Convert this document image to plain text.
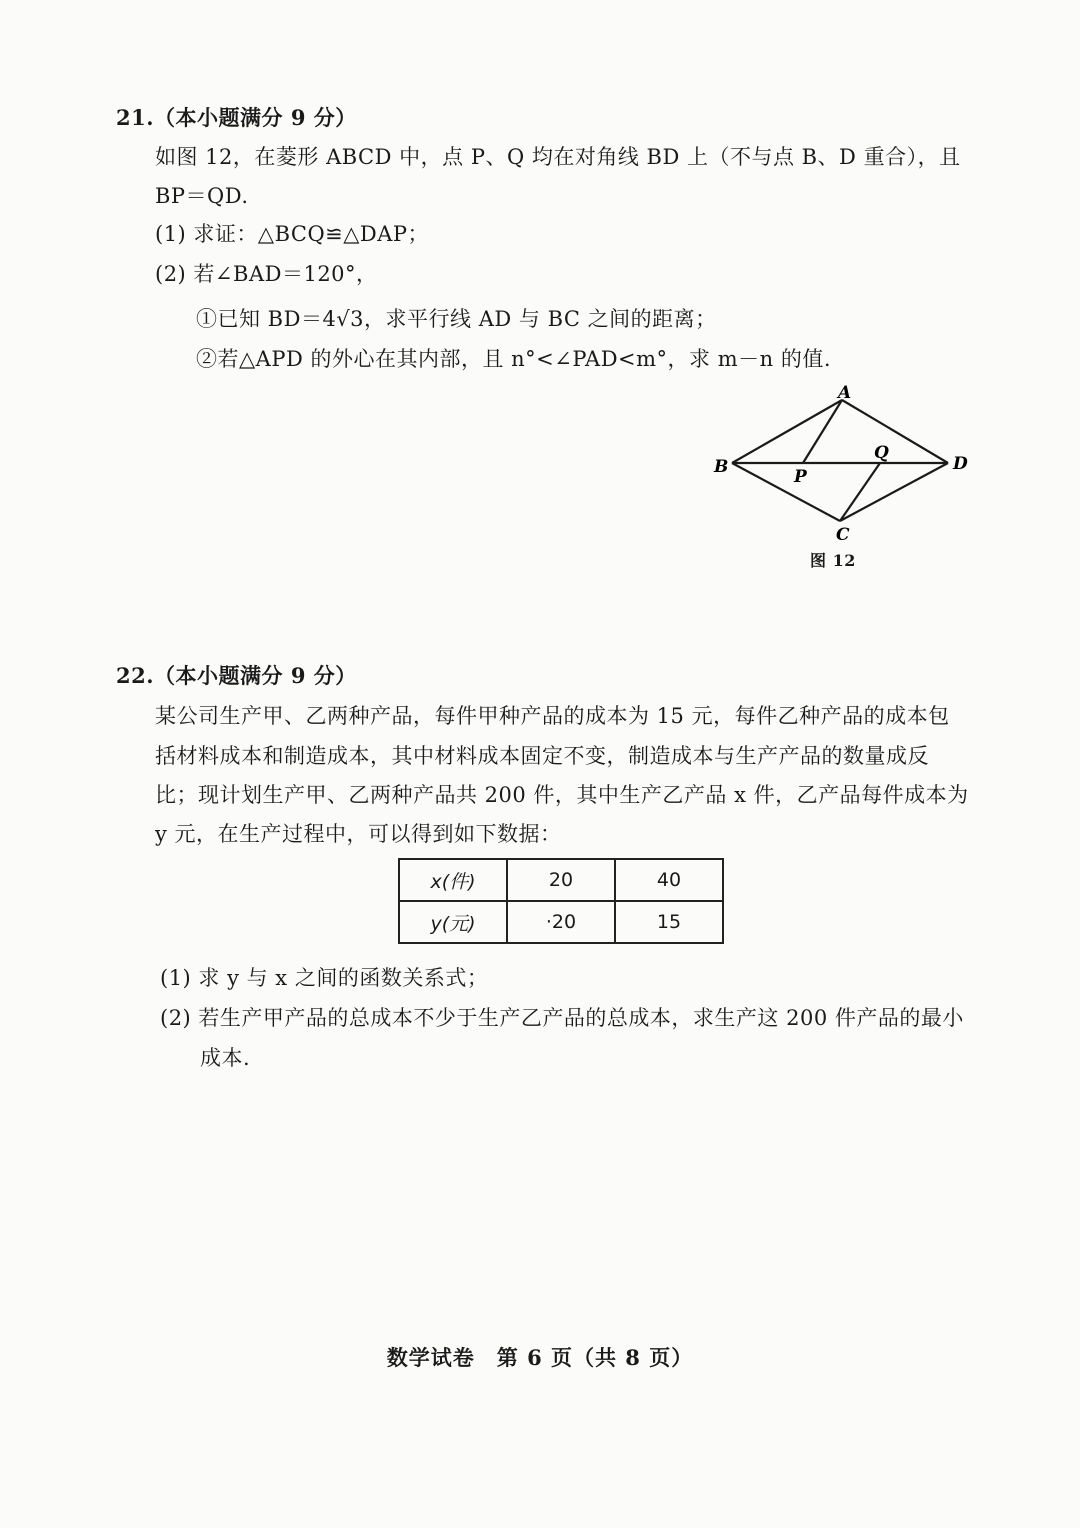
21.（本小题满分 9 分）
如图 12，在菱形 ABCD 中，点 P、Q 均在对角线 BD 上（不与点 B、D 重合），且
BP＝QD.
(1) 求证：△BCQ≌△DAP；
(2) 若∠BAD＝120°，
①已知 BD＝4√3，求平行线 AD 与 BC 之间的距离；
②若△APD 的外心在其内部，且 n°<∠PAD<m°，求 m－n 的值.
A
B
C
D
P
Q
图 12
22.（本小题满分 9 分）
某公司生产甲、乙两种产品，每件甲种产品的成本为 15 元，每件乙种产品的成本包
括材料成本和制造成本，其中材料成本固定不变，制造成本与生产产品的数量成反
比；现计划生产甲、乙两种产品共 200 件，其中生产乙产品 x 件，乙产品每件成本为
y 元，在生产过程中，可以得到如下数据：
x(件)	20	40
y(元)	·20	15
(1) 求 y 与 x 之间的函数关系式；
(2) 若生产甲产品的总成本不少于生产乙产品的总成本，求生产这 200 件产品的最小
成本.
数学试卷　第 6 页（共 8 页）
